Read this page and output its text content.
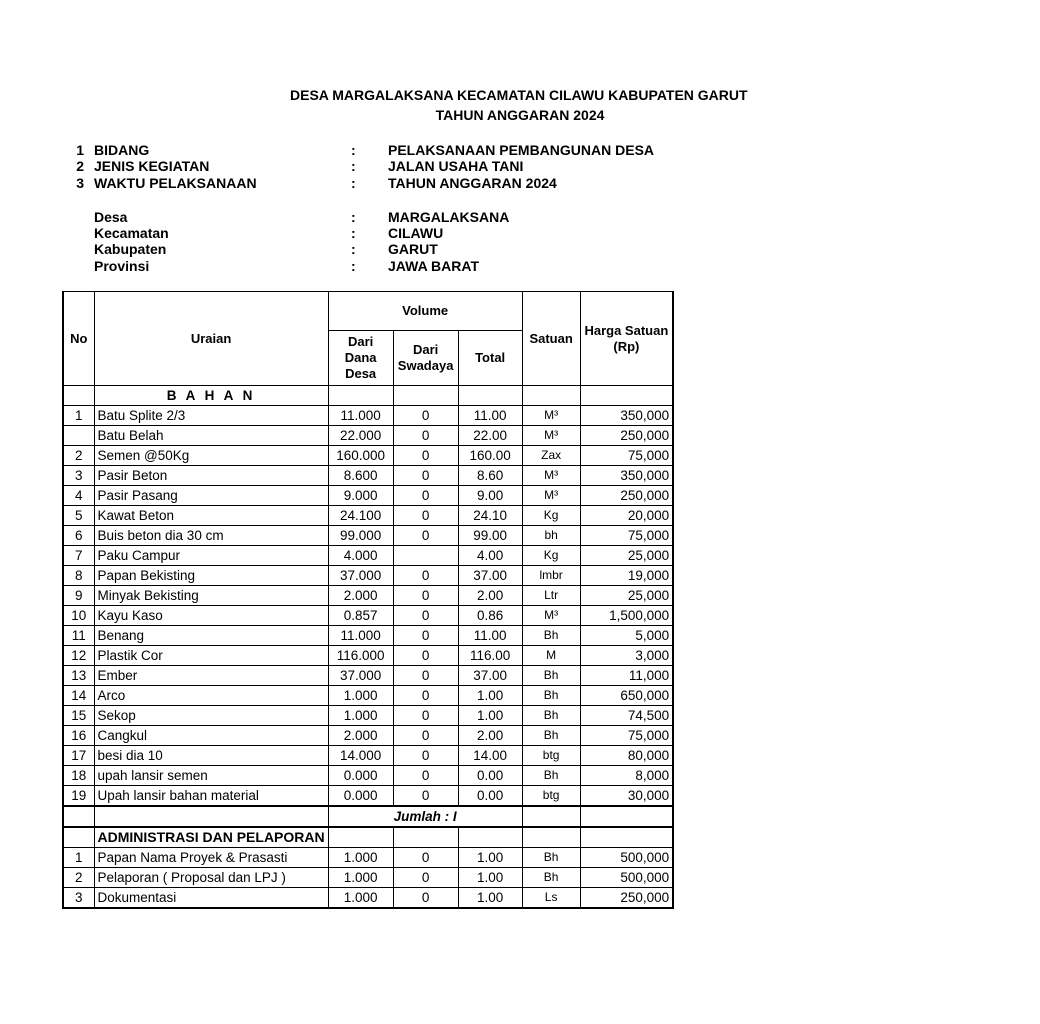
DESA MARGALAKSANA KECAMATAN CILAWU KABUPATEN GARUT
TAHUN ANGGARAN 2024
1 BIDANG	: PELAKSANAAN PEMBANGUNAN DESA
2 JENIS KEGIATAN	: JALAN USAHA TANI
3 WAKTU PELAKSANAAN	: TAHUN ANGGARAN 2024
Desa	: MARGALAKSANA
Kecamatan	: CILAWU
Kabupaten	: GARUT
Provinsi	: JAWA BARAT
No	Uraian	Volume			Satuan	Harga Satuan (Rp)
		Dari Dana Desa	Dari Swadaya	Total		
	B A H A N					
1	Batu Splite 2/3	11.000	0	11.00	M³	350,000
	Batu Belah	22.000	0	22.00	M³	250,000
2	Semen @50Kg	160.000	0	160.00	Zax	75,000
3	Pasir Beton	8.600	0	8.60	M³	350,000
4	Pasir Pasang	9.000	0	9.00	M³	250,000
5	Kawat Beton	24.100	0	24.10	Kg	20,000
6	Buis beton dia 30 cm	99.000	0	99.00	bh	75,000
7	Paku Campur	4.000		4.00	Kg	25,000
8	Papan Bekisting	37.000	0	37.00	lmbr	19,000
9	Minyak Bekisting	2.000	0	2.00	Ltr	25,000
10	Kayu Kaso	0.857	0	0.86	M³	1,500,000
11	Benang	11.000	0	11.00	Bh	5,000
12	Plastik Cor	116.000	0	116.00	M	3,000
13	Ember	37.000	0	37.00	Bh	11,000
14	Arco	1.000	0	1.00	Bh	650,000
15	Sekop	1.000	0	1.00	Bh	74,500
16	Cangkul	2.000	0	2.00	Bh	75,000
17	besi dia 10	14.000	0	14.00	btg	80,000
18	upah lansir semen	0.000	0	0.00	Bh	8,000
19	Upah lansir bahan material	0.000	0	0.00	btg	30,000
		Jumlah : I				
	ADMINISTRASI DAN PELAPORAN					
1	Papan Nama Proyek & Prasasti	1.000	0	1.00	Bh	500,000
2	Pelaporan ( Proposal dan LPJ )	1.000	0	1.00	Bh	500,000
3	Dokumentasi	1.000	0	1.00	Ls	250,000
